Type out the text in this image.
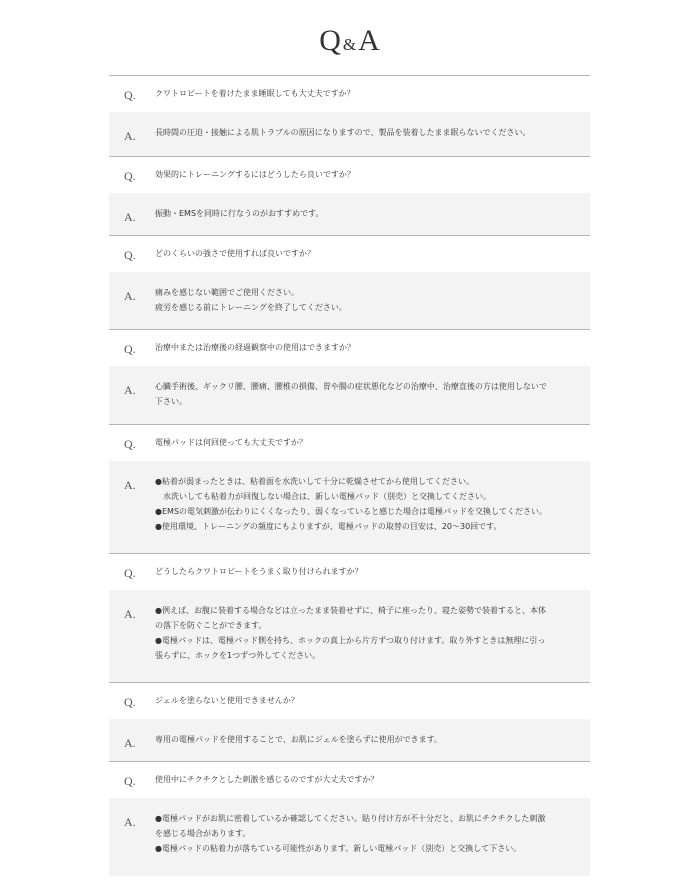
Q&A
Q. クワトロビートを着けたまま睡眠しても大丈夫ですか？
A. 長時間の圧迫・接触による肌トラブルの原因になりますので、製品を装着したまま眠らないでください。
Q. 効果的にトレーニングするにはどうしたら良いですか？
A. 振動・EMSを同時に行なうのがおすすめです。
Q. どのくらいの強さで使用すれば良いですか？
A. 痛みを感じない範囲でご使用ください。
疲労を感じる前にトレーニングを終了してください。
Q. 治療中または治療後の経過観察中の使用はできますか？
A. 心臓手術後、ギックリ腰、腰痛、腰椎の損傷、胃や腸の症状悪化などの治療中、治療直後の方は使用しないで
下さい。
Q. 電極パッドは何回使っても大丈夫ですか？
A. ●粘着が弱まったときは、粘着面を水洗いして十分に乾燥させてから使用してください。
　水洗いしても粘着力が回復しない場合は、新しい電極パッド（別売）と交換してください。
●EMSの電気刺激が伝わりにくくなったり、弱くなっていると感じた場合は電極パッドを交換してください。
●使用環境、トレーニングの頻度にもよりますが、電極パッドの取替の目安は、20〜30回です。
Q. どうしたらクワトロビートをうまく取り付けられますか？
A. ●例えば、お腹に装着する場合などは立ったまま装着せずに、椅子に座ったり、寝た姿勢で装着すると、本体
の落下を防ぐことができます。
●電極パッドは、電極パッド側を持ち、ホックの真上から片方ずつ取り付けます。取り外すときは無理に引っ
張らずに、ホックを1つずつ外してください。
Q. ジェルを塗らないと使用できませんか？
A. 専用の電極パッドを使用することで、お肌にジェルを塗らずに使用ができます。
Q. 使用中にチクチクとした刺激を感じるのですが大丈夫ですか？
A. ●電極パッドがお肌に密着しているか確認してください。貼り付け方が不十分だと、お肌にチクチクした刺激
を感じる場合があります。
●電極パッドの粘着力が落ちている可能性があります。新しい電極パッド（別売）と交換して下さい。
